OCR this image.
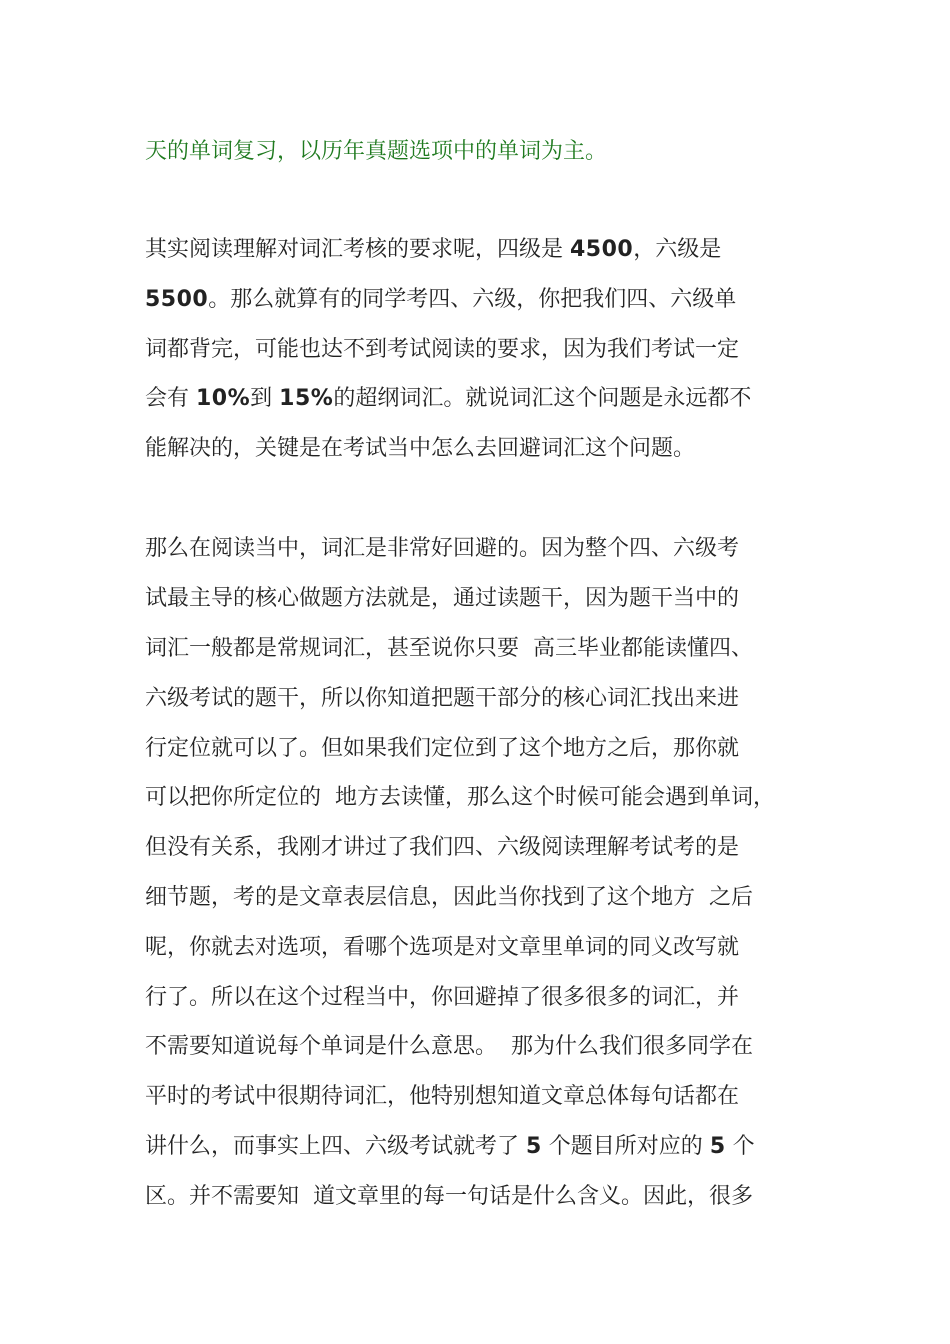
天的单词复习，以历年真题选项中的单词为主。
其实阅读理解对词汇考核的要求呢，四级是 4500，六级是
5500。那么就算有的同学考四、六级，你把我们四、六级单
词都背完，可能也达不到考试阅读的要求，因为我们考试一定
会有 10%到 15%的超纲词汇。就说词汇这个问题是永远都不
能解决的，关键是在考试当中怎么去回避词汇这个问题。
那么在阅读当中，词汇是非常好回避的。因为整个四、六级考
试最主导的核心做题方法就是，通过读题干，因为题干当中的
词汇一般都是常规词汇，甚至说你只要  高三毕业都能读懂四、
六级考试的题干，所以你知道把题干部分的核心词汇找出来进
行定位就可以了。但如果我们定位到了这个地方之后，那你就
可以把你所定位的  地方去读懂，那么这个时候可能会遇到单词，
但没有关系，我刚才讲过了我们四、六级阅读理解考试考的是
细节题，考的是文章表层信息，因此当你找到了这个地方  之后
呢，你就去对选项，看哪个选项是对文章里单词的同义改写就
行了。所以在这个过程当中，你回避掉了很多很多的词汇，并
不需要知道说每个单词是什么意思。  那为什么我们很多同学在
平时的考试中很期待词汇，他特别想知道文章总体每句话都在
讲什么，而事实上四、六级考试就考了 5 个题目所对应的 5 个
区。并不需要知  道文章里的每一句话是什么含义。因此，很多
